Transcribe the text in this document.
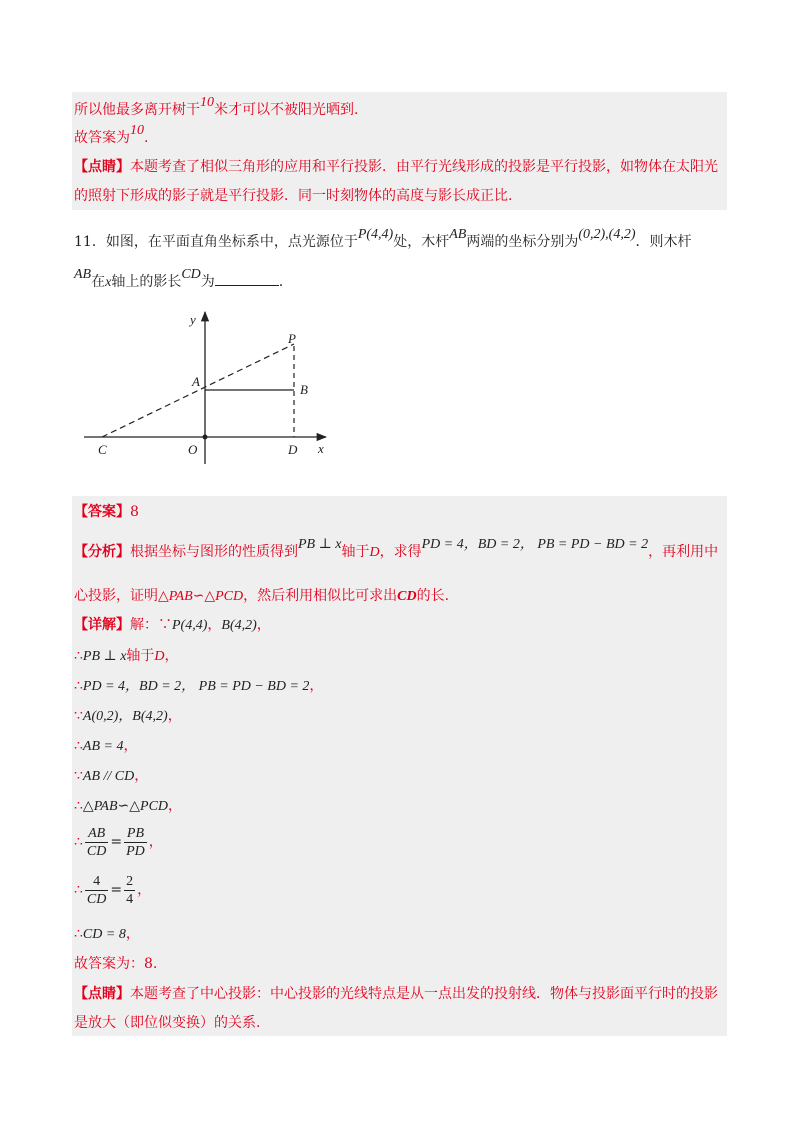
所以他最多离开树干10米才可以不被阳光晒到.
故答案为10.
【点睛】本题考查了相似三角形的应用和平行投影．由平行光线形成的投影是平行投影，如物体在太阳光
的照射下形成的影子就是平行投影．同一时刻物体的高度与影长成正比.
11．如图，在平面直角坐标系中，点光源位于P(4,4)处，木杆AB两端的坐标分别为(0,2),(4,2)．则木杆
AB在x轴上的影长CD为	.
y
x
P
A
B
C	O	D
【答案】8
【分析】根据坐标与图形的性质得到PB ⊥ x轴于D，求得PD = 4，BD = 2， PB = PD − BD = 2，再利用中
心投影，证明△PAB∽△PCD，然后利用相似比可求出CD的长.
【详解】解：∵P(4,4)，B(4,2)，
∴PB ⊥ x轴于D，
∴PD = 4，BD = 2， PB = PD − BD = 2，
∵A(0,2)，B(4,2)，
∴AB = 4，
∵AB // CD，
∴△PAB∽△PCD，
∴ $\frac{AB}{CD} = \frac{PB}{PD}$ ，
∴ $\frac{4}{CD} = \frac{2}{4}$ ，
∴CD = 8，
故答案为：8.
【点睛】本题考查了中心投影：中心投影的光线特点是从一点出发的投射线．物体与投影面平行时的投影
是放大（即位似变换）的关系.
